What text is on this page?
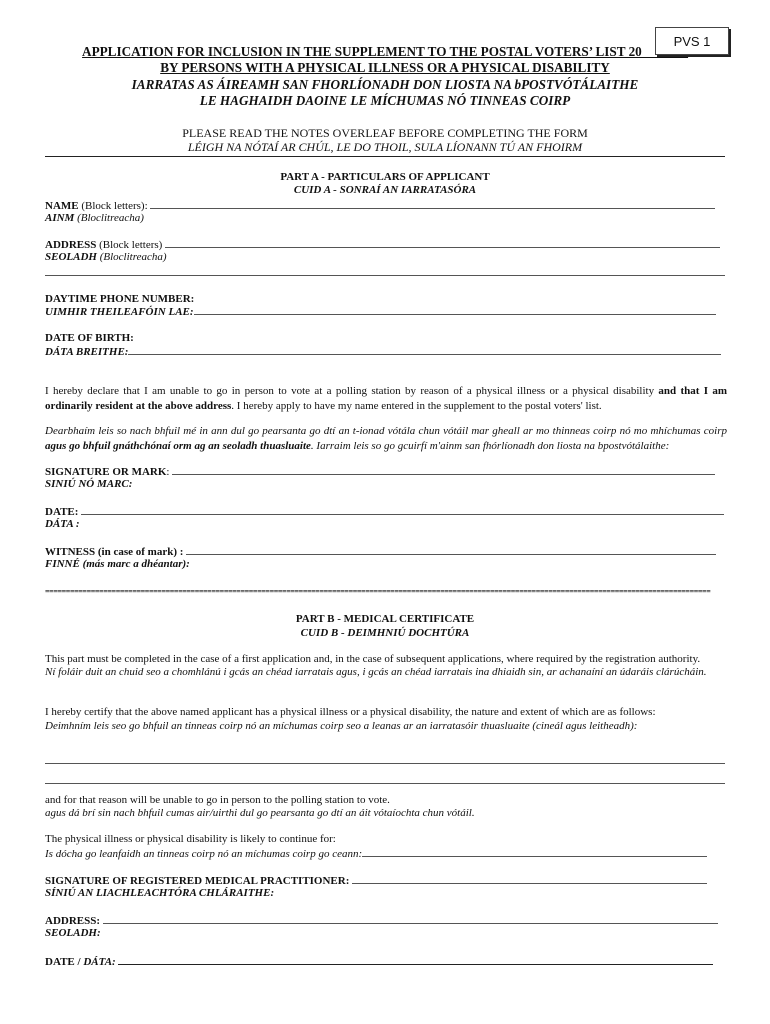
PVS 1
APPLICATION FOR INCLUSION IN THE SUPPLEMENT TO THE POSTAL VOTERS’ LIST 20_______
BY PERSONS WITH A PHYSICAL ILLNESS OR A PHYSICAL DISABILITY
IARRATAS AS ÁIREAMH SAN FHORLÍONADH DON LIOSTA NA bPOSTVÓTÁLAITHE
LE HAGHAIDH DAOINE LE MÍCHUMAS NÓ TINNEAS COIRP
PLEASE READ THE NOTES OVERLEAF BEFORE COMPLETING THE FORM
LÉIGH NA NÓTAÍ AR CHÚL, LE DO THOIL, SULA LÍONANN TÚ AN FHOIRM
PART A - PARTICULARS OF APPLICANT
CUID A - SONRAÍ AN IARRATASÓRA
NAME (Block letters):
AINM (Bloclitreacha)
ADDRESS (Block letters)
SEOLADH (Bloclitreacha)
DAYTIME PHONE NUMBER:
UIMHIR THEILEAFÓIN LAE:
DATE OF BIRTH:
DÁTA BREITHE:
I hereby declare that I am unable to go in person to vote at a polling station by reason of a physical illness or a physical disability and that I am ordinarily resident at the above address. I hereby apply to have my name entered in the supplement to the postal voters' list.
Dearbhaím leis so nach bhfuil mé in ann dul go pearsanta go dtí an t-ionad vótála chun vótáil mar gheall ar mo thinneas coirp nó mo mhíchumas coirp agus go bhfuil gnáthchónaí orm ag an seoladh thuasluaite. Iarraim leis so go gcuirfí m'ainm san fhórlíonadh don liosta na bpostvótálaithe:
SIGNATURE OR MARK:
SINIÚ NÓ MARC:
DATE:
DÁTA :
WITNESS (in case of mark) :
FINNÉ (más marc a dhéantar):
================================================================================================================================================================
PART B - MEDICAL CERTIFICATE
CUID B - DEIMHNIÚ DOCHTÚRA
This part must be completed in the case of a first application and, in the case of subsequent applications, where required by the registration authority.
Ní foláir duit an chuid seo a chomhlánú i gcás an chéad iarratais agus, i gcás an chéad iarratais ina dhiaidh sin, ar achanaíní an údaráis clárúcháin.
I hereby certify that the above named applicant has a physical illness or a physical disability, the nature and extent of which are as follows:
Deimhním leis seo go bhfuil an tinneas coirp nó an míchumas coirp seo a leanas ar an iarratasóir thuasluaite (cineál agus leitheadh):
and for that reason will be unable to go in person to the polling station to vote.
agus dá brí sin nach bhfuil cumas air/uirthi dul go pearsanta go dtí an áit vótaíochta chun vótáil.
The physical illness or physical disability is likely to continue for:
Is dócha go leanfaidh an tinneas coirp nó an míchumas coirp go ceann:
SIGNATURE OF REGISTERED MEDICAL PRACTITIONER:
SÍNIÚ AN LIACHLEACHTÓRA CHLÁRAITHE:
ADDRESS:
SEOLADH:
DATE / DÁTA:
